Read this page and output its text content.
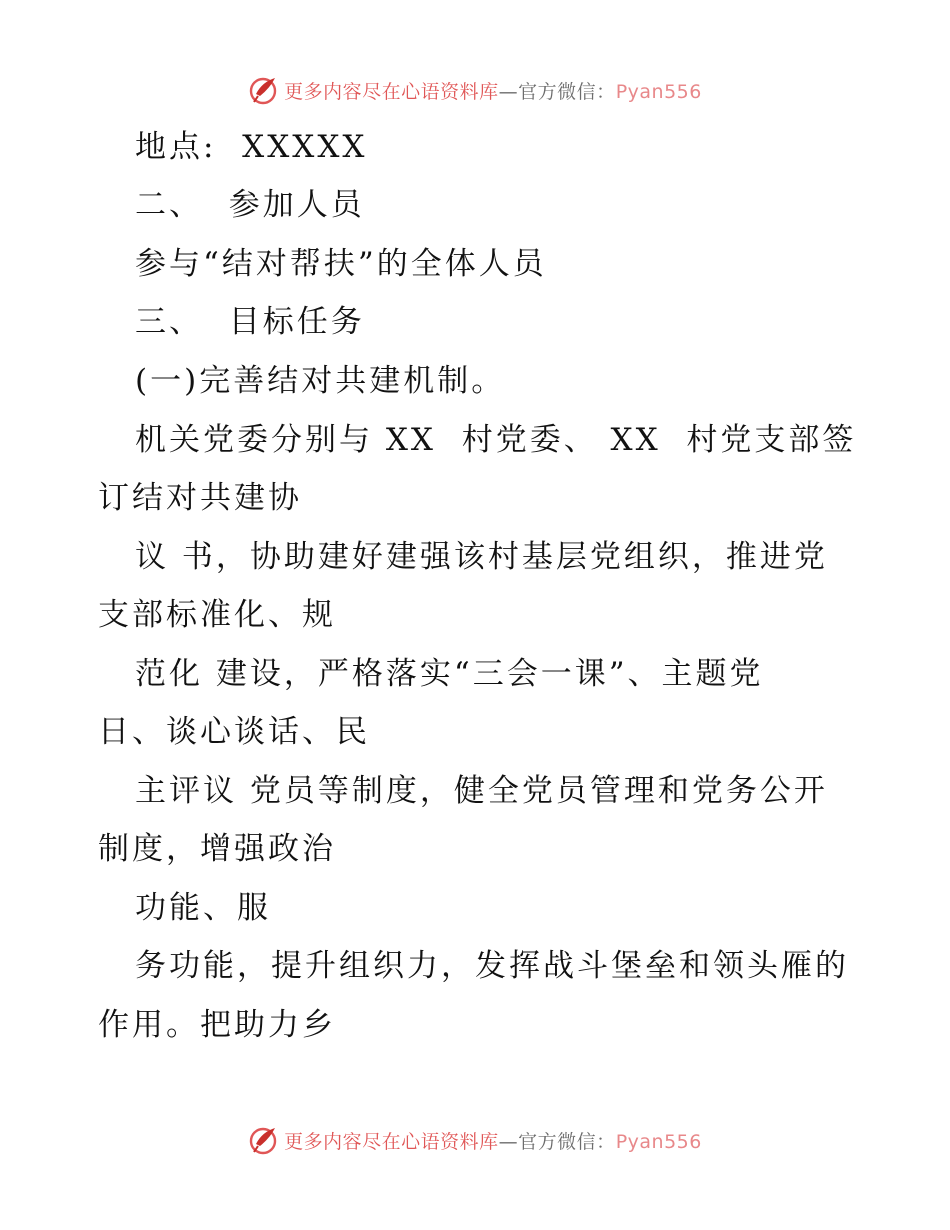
更多内容尽在心语资料库—官方微信：Pyan556
地点:  XXXXX
二、  参加人员
参与“结对帮扶”的全体人员
三、  目标任务
(一)完善结对共建机制。
机关党委分别与 XX  村党委、 XX  村党支部签
订结对共建协
议 书，协助建好建强该村基层党组织，推进党
支部标准化、规
范化 建设，严格落实“三会一课”、主题党
日、谈心谈话、民
主评议 党员等制度，健全党员管理和党务公开
制度，增强政治
功能、服
务功能，提升组织力，发挥战斗堡垒和领头雁的
作用。把助力乡
更多内容尽在心语资料库—官方微信：Pyan556
